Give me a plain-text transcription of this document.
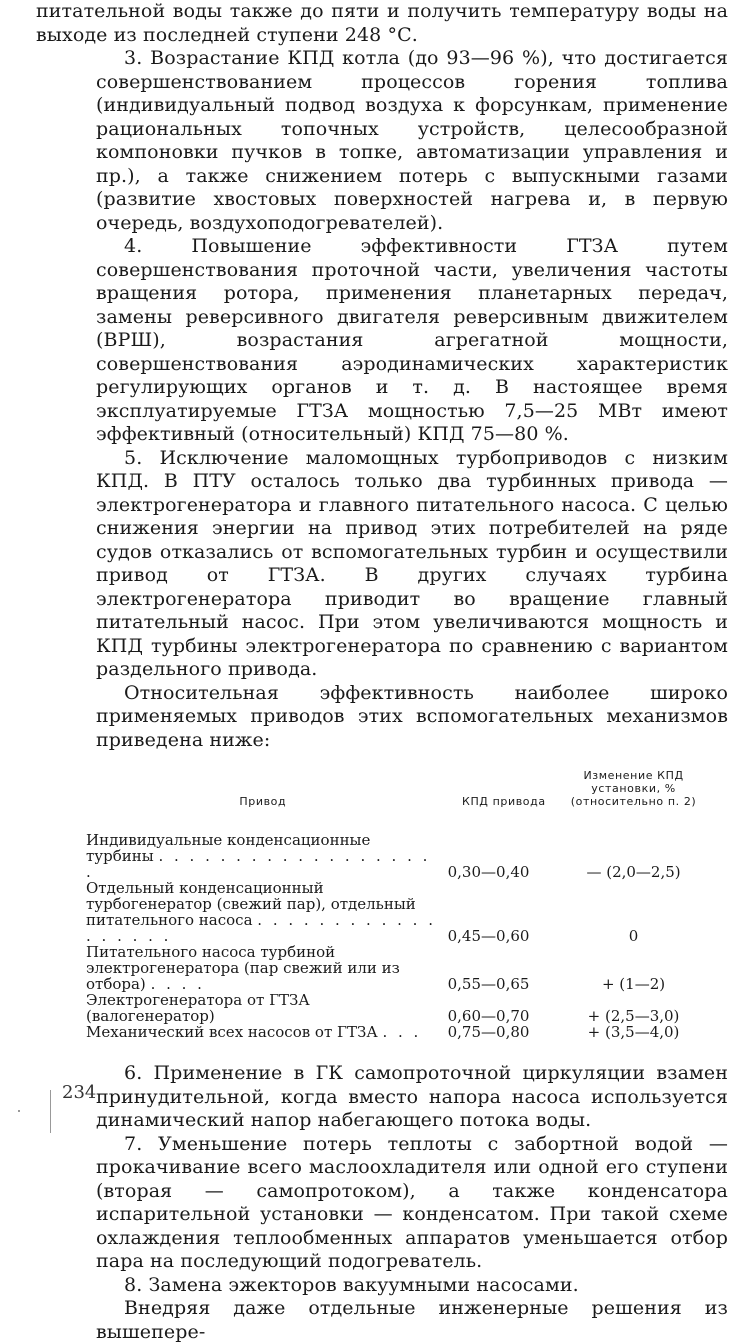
питательной воды также до пяти и получить температуру воды на выходе из последней ступени 248 °С.

3. Возрастание КПД котла (до 93—96 %), что достигается совершенствованием процессов горения топлива (индивидуальный подвод воздуха к форсункам, применение рациональных топочных устройств, целесообразной компоновки пучков в топке, автоматизации управления и пр.), а также снижением потерь с выпускными газами (развитие хвостовых поверхностей нагрева и, в первую очередь, воздухоподогревателей).

4. Повышение эффективности ГТЗА путем совершенствования проточной части, увеличения частоты вращения ротора, применения планетарных передач, замены реверсивного двигателя реверсивным движителем (ВРШ), возрастания агрегатной мощности, совершенствования аэродинамических характеристик регулирующих органов и т. д. В настоящее время эксплуатируемые ГТЗА мощностью 7,5—25 МВт имеют эффективный (относительный) КПД 75—80 %.

5. Исключение маломощных турбоприводов с низким КПД. В ПТУ осталось только два турбинных привода — электрогенератора и главного питательного насоса. С целью снижения энергии на привод этих потребителей на ряде судов отказались от вспомогательных турбин и осуществили привод от ГТЗА. В других случаях турбина электрогенератора приводит во вращение главный питательный насос. При этом увеличиваются мощность и КПД турбины электрогенератора по сравнению с вариантом раздельного привода.

Относительная эффективность наиболее широко применяемых приводов этих вспомогательных механизмов приведена ниже:

Привод	КПД привода	Изменение КПД установки, % (относительно п. 2)
Индивидуальные конденсационные турбины . . . . . . . . . . . . . . . . . . .	0,30—0,40	— (2,0—2,5)
Отдельный конденсационный турбогенератор (свежий пар), отдельный питательного насоса . . . . . . . . . . . . . . . . . .	0,45—0,60	0
Питательного насоса турбиной электрогенератора (пар свежий или из отбора) . . . .	0,55—0,65	+ (1—2)
Электрогенератора от ГТЗА (валогенератор)	0,60—0,70	+ (2,5—3,0)
Механический всех насосов от ГТЗА . . .	0,75—0,80	+ (3,5—4,0)

6. Применение в ГК самопроточной циркуляции взамен принудительной, когда вместо напора насоса используется динамический напор набегающего потока воды.

7. Уменьшение потерь теплоты с забортной водой — прокачивание всего маслоохладителя или одной его ступени (вторая — самопротоком), а также конденсатора испарительной установки — конденсатом. При такой схеме охлаждения теплообменных аппаратов уменьшается отбор пара на последующий подогреватель.

8. Замена эжекторов вакуумными насосами.

Внедряя даже отдельные инженерные решения из вышепере-

234
